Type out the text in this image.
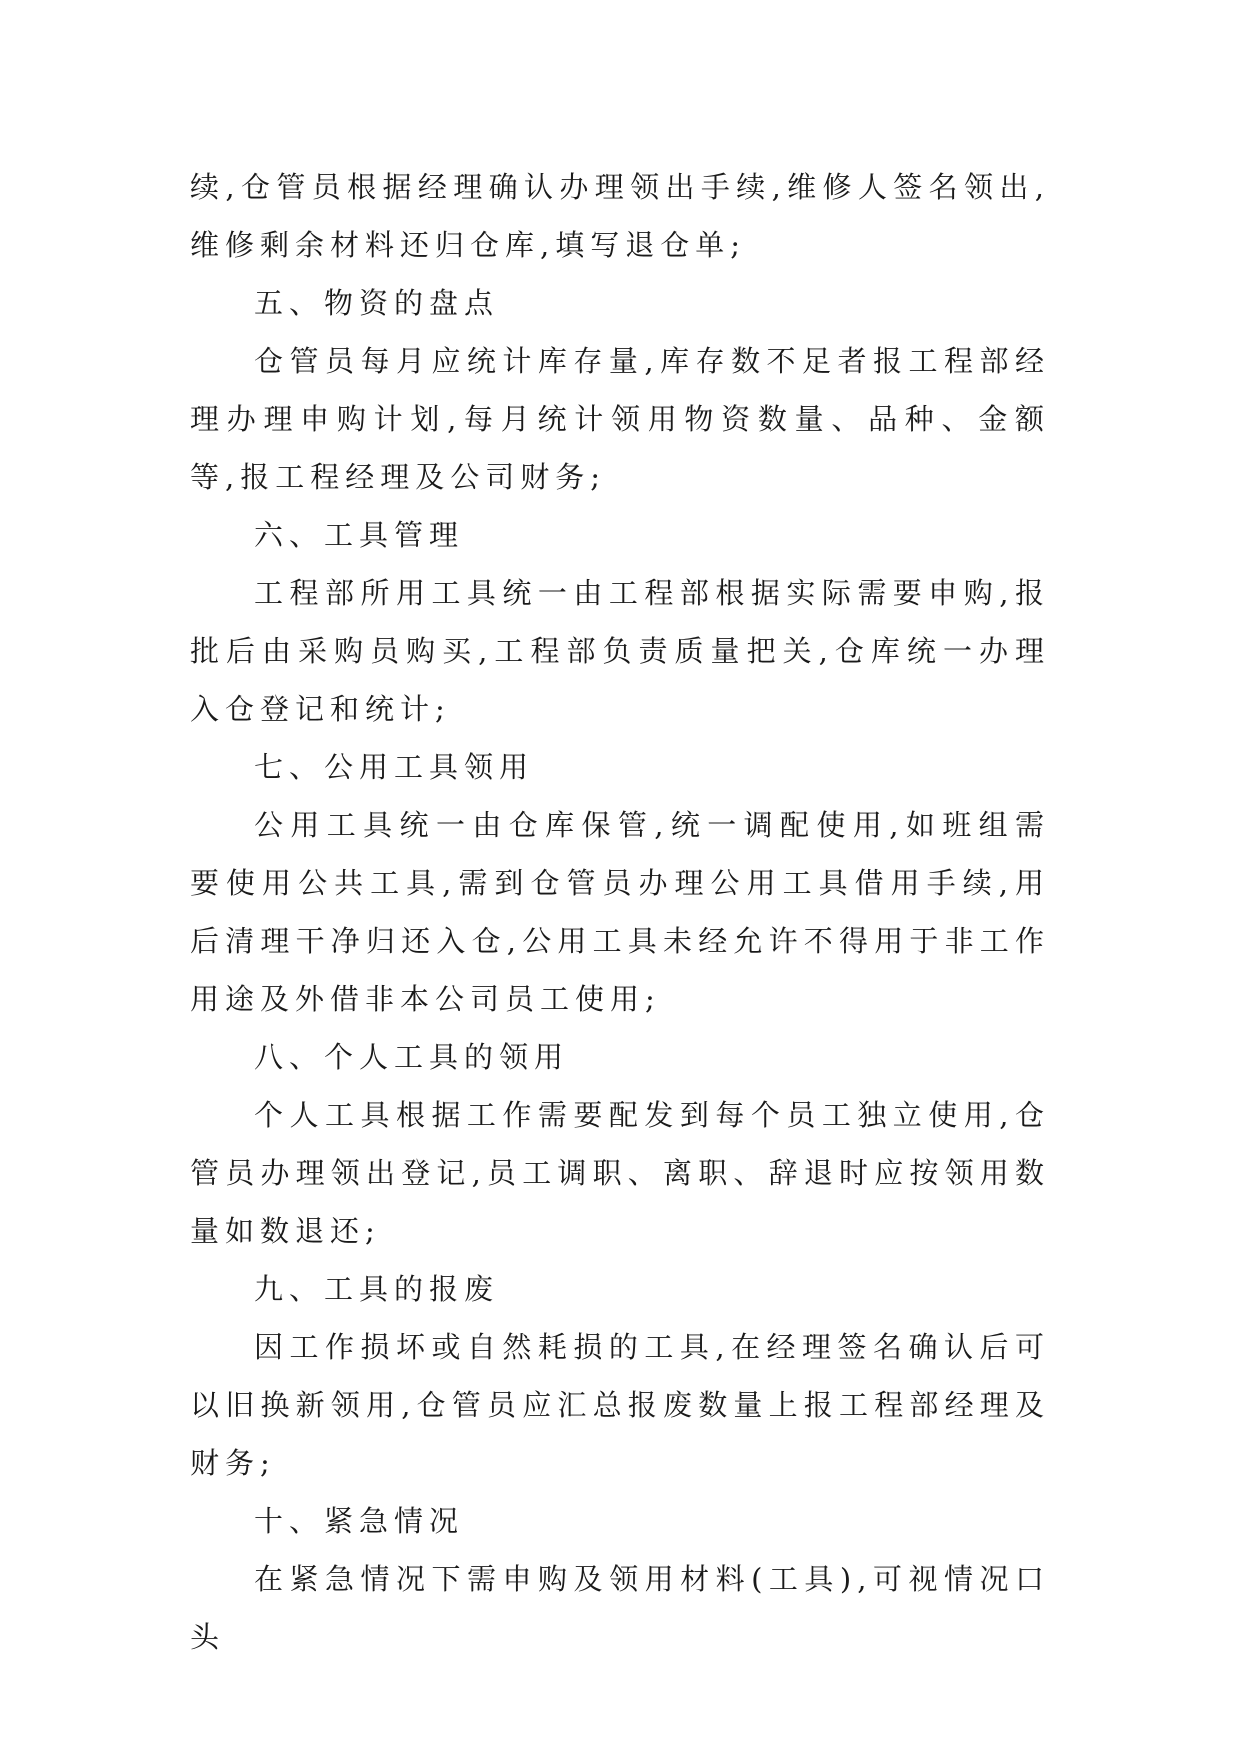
续,仓管员根据经理确认办理领出手续,维修人签名领出,维修剩余材料还归仓库,填写退仓单;

五、物资的盘点

仓管员每月应统计库存量,库存数不足者报工程部经理办理申购计划,每月统计领用物资数量、品种、金额等,报工程经理及公司财务;

六、工具管理

工程部所用工具统一由工程部根据实际需要申购,报批后由采购员购买,工程部负责质量把关,仓库统一办理入仓登记和统计;

七、公用工具领用

公用工具统一由仓库保管,统一调配使用,如班组需要使用公共工具,需到仓管员办理公用工具借用手续,用后清理干净归还入仓,公用工具未经允许不得用于非工作用途及外借非本公司员工使用;

八、个人工具的领用

个人工具根据工作需要配发到每个员工独立使用,仓管员办理领出登记,员工调职、离职、辞退时应按领用数量如数退还;

九、工具的报废

因工作损坏或自然耗损的工具,在经理签名确认后可以旧换新领用,仓管员应汇总报废数量上报工程部经理及财务;

十、紧急情况

在紧急情况下需申购及领用材料(工具),可视情况口头
